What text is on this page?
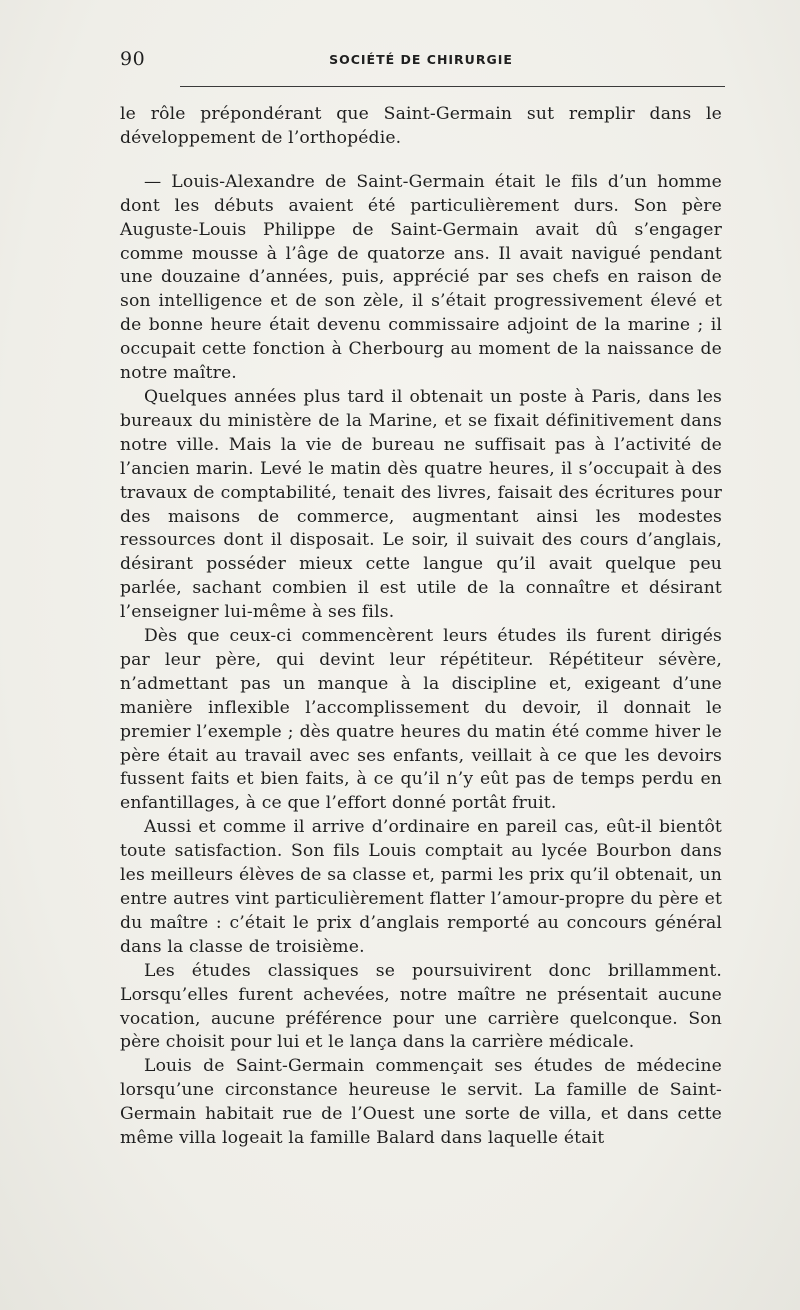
90	SOCIÉTÉ DE CHIRURGIE

le rôle prépondérant que Saint-Germain sut remplir dans le développement de l’orthopédie.

— Louis-Alexandre de Saint-Germain était le fils d’un homme dont les débuts avaient été particulièrement durs. Son père Auguste-Louis Philippe de Saint-Germain avait dû s’engager comme mousse à l’âge de quatorze ans. Il avait navigué pendant une douzaine d’années, puis, apprécié par ses chefs en raison de son intelligence et de son zèle, il s’était progressivement élevé et de bonne heure était devenu commissaire adjoint de la marine ; il occupait cette fonction à Cherbourg au moment de la naissance de notre maître.

Quelques années plus tard il obtenait un poste à Paris, dans les bureaux du ministère de la Marine, et se fixait définitivement dans notre ville. Mais la vie de bureau ne suffisait pas à l’activité de l’ancien marin. Levé le matin dès quatre heures, il s’occupait à des travaux de comptabilité, tenait des livres, faisait des écritures pour des maisons de commerce, augmentant ainsi les modestes ressources dont il disposait. Le soir, il suivait des cours d’anglais, désirant posséder mieux cette langue qu’il avait quelque peu parlée, sachant combien il est utile de la connaître et désirant l’enseigner lui-même à ses fils.

Dès que ceux-ci commencèrent leurs études ils furent dirigés par leur père, qui devint leur répétiteur. Répétiteur sévère, n’admettant pas un manque à la discipline et, exigeant d’une manière inflexible l’accomplissement du devoir, il donnait le premier l’exemple ; dès quatre heures du matin été comme hiver le père était au travail avec ses enfants, veillait à ce que les devoirs fussent faits et bien faits, à ce qu’il n’y eût pas de temps perdu en enfantillages, à ce que l’effort donné portât fruit.

Aussi et comme il arrive d’ordinaire en pareil cas, eût-il bientôt toute satisfaction. Son fils Louis comptait au lycée Bourbon dans les meilleurs élèves de sa classe et, parmi les prix qu’il obtenait, un entre autres vint particulièrement flatter l’amour-propre du père et du maître : c’était le prix d’anglais remporté au concours général dans la classe de troisième.

Les études classiques se poursuivirent donc brillamment. Lorsqu’elles furent achevées, notre maître ne présentait aucune vocation, aucune préférence pour une carrière quelconque. Son père choisit pour lui et le lança dans la carrière médicale.

Louis de Saint-Germain commençait ses études de médecine lorsqu’une circonstance heureuse le servit. La famille de Saint-Germain habitait rue de l’Ouest une sorte de villa, et dans cette même villa logeait la famille Balard dans laquelle était
